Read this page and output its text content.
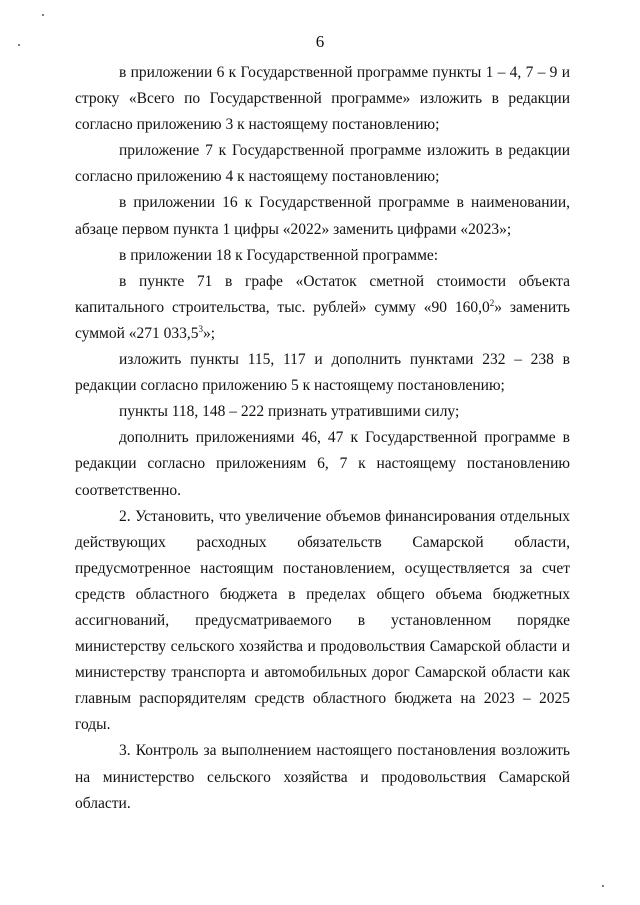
6

в приложении 6 к Государственной программе пункты 1 – 4, 7 – 9 и строку «Всего по Государственной программе» изложить в редакции согласно приложению 3 к настоящему постановлению;

приложение 7 к Государственной программе изложить в редакции согласно приложению 4 к настоящему постановлению;

в приложении 16 к Государственной программе в наименовании, абзаце первом пункта 1 цифры «2022» заменить цифрами «2023»;

в приложении 18 к Государственной программе:

в пункте 71 в графе «Остаток сметной стоимости объекта капитального строительства, тыс. рублей» сумму «90 160,0$^2$» заменить суммой «271 033,5$^3$»;

изложить пункты 115, 117 и дополнить пунктами 232 – 238 в редакции согласно приложению 5 к настоящему постановлению;

пункты 118, 148 – 222 признать утратившими силу;

дополнить приложениями 46, 47 к Государственной программе в редакции согласно приложениям 6, 7 к настоящему постановлению соответственно.

2. Установить, что увеличение объемов финансирования отдельных действующих расходных обязательств Самарской области, предусмотренное настоящим постановлением, осуществляется за счет средств областного бюджета в пределах общего объема бюджетных ассигнований, предусматриваемого в установленном порядке министерству сельского хозяйства и продовольствия Самарской области и министерству транспорта и автомобильных дорог Самарской области как главным распорядителям средств областного бюджета на 2023 – 2025 годы.

3. Контроль за выполнением настоящего постановления возложить на министерство сельского хозяйства и продовольствия Самарской области.
